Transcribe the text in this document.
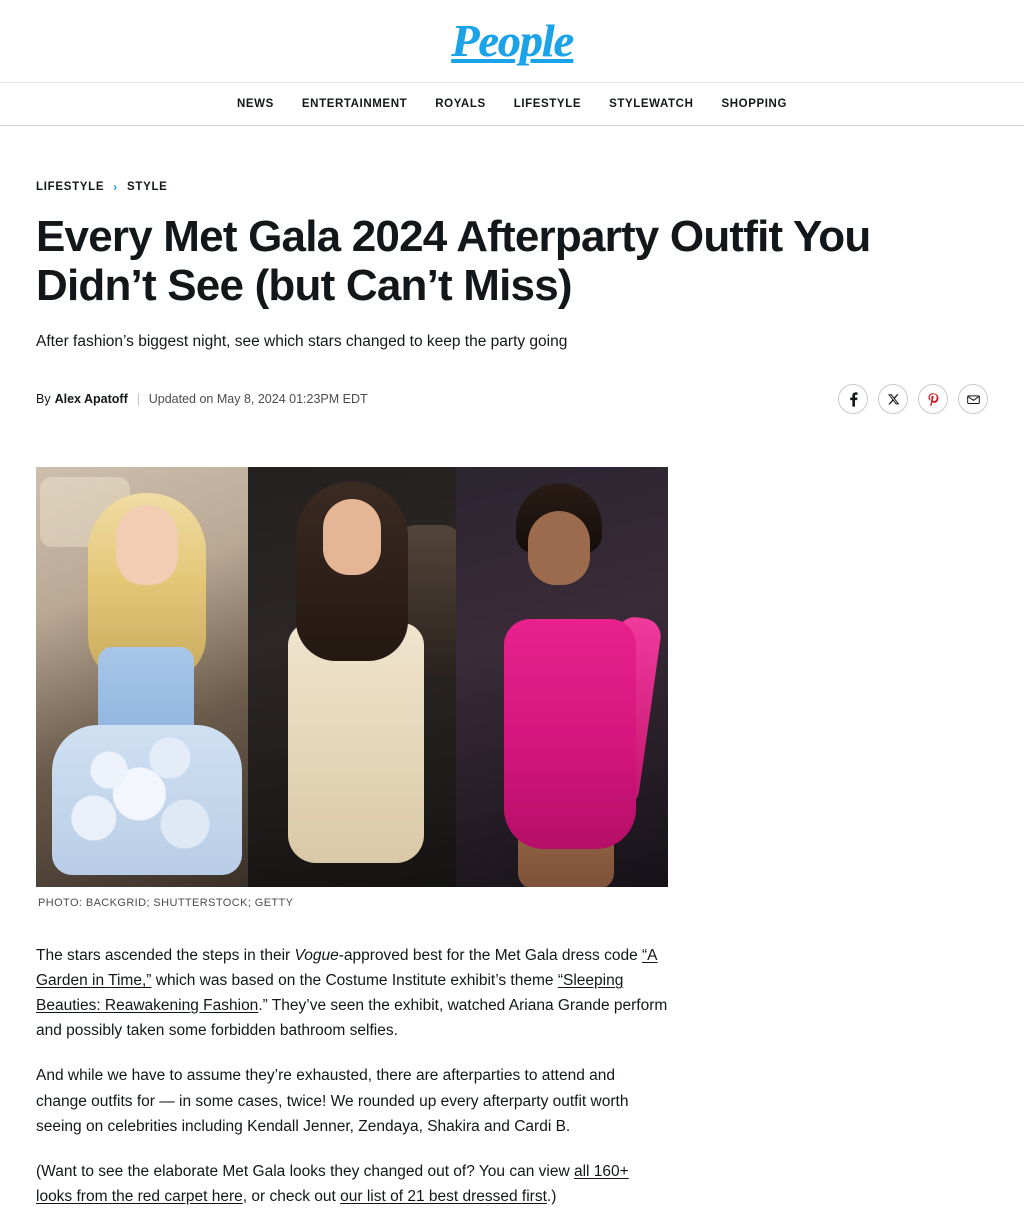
People
NEWS ENTERTAINMENT ROYALS LIFESTYLE STYLEWATCH SHOPPING
LIFESTYLE › STYLE
Every Met Gala 2024 Afterparty Outfit You Didn’t See (but Can’t Miss)

After fashion’s biggest night, see which stars changed to keep the party going

By Alex Apatoff Updated on May 8, 2024 01:23PM EDT
PHOTO: BACKGRID; SHUTTERSTOCK; GETTY

The stars ascended the steps in their Vogue-approved best for the Met Gala dress code “A Garden in Time,” which was based on the Costume Institute exhibit’s theme “Sleeping Beauties: Reawakening Fashion.” They’ve seen the exhibit, watched Ariana Grande perform and possibly taken some forbidden bathroom selfies.

And while we have to assume they’re exhausted, there are afterparties to attend and change outfits for — in some cases, twice! We rounded up every afterparty outfit worth seeing on celebrities including Kendall Jenner, Zendaya, Shakira and Cardi B.

(Want to see the elaborate Met Gala looks they changed out of? You can view all 160+ looks from the red carpet here, or check out our list of 21 best dressed first.)
